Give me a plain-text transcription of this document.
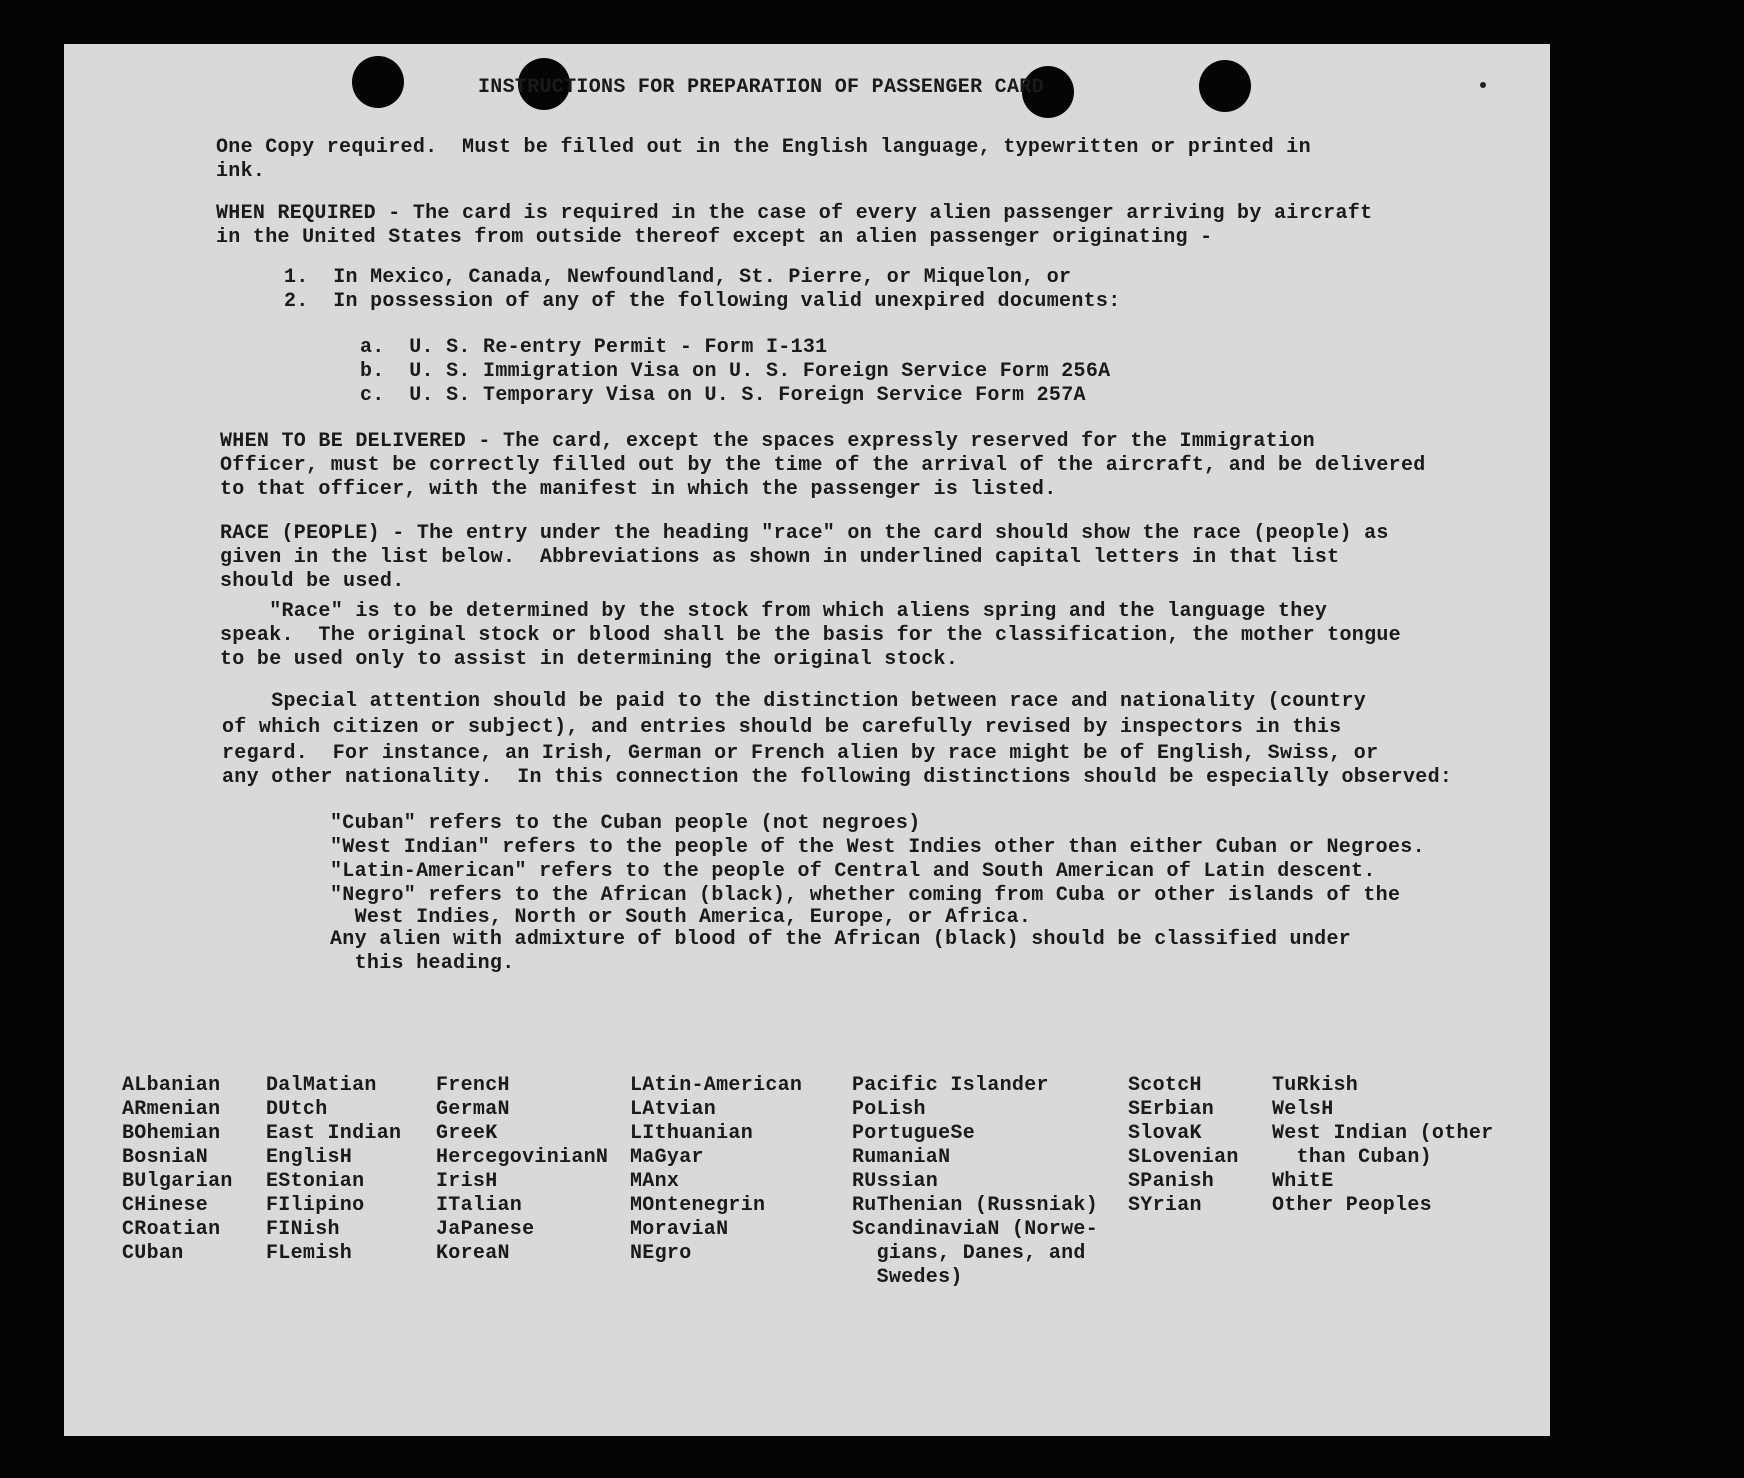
INSTRUCTIONS FOR PREPARATION OF PASSENGER CARD
One Copy required.  Must be filled out in the English language, typewritten or printed in
ink.
WHEN REQUIRED - The card is required in the case of every alien passenger arriving by aircraft
in the United States from outside thereof except an alien passenger originating -
1.  In Mexico, Canada, Newfoundland, St. Pierre, or Miquelon, or
2.  In possession of any of the following valid unexpired documents:
a.  U. S. Re-entry Permit - Form I-131
b.  U. S. Immigration Visa on U. S. Foreign Service Form 256A
c.  U. S. Temporary Visa on U. S. Foreign Service Form 257A
WHEN TO BE DELIVERED - The card, except the spaces expressly reserved for the Immigration
Officer, must be correctly filled out by the time of the arrival of the aircraft, and be delivered
to that officer, with the manifest in which the passenger is listed.
RACE (PEOPLE) - The entry under the heading "race" on the card should show the race (people) as
given in the list below.  Abbreviations as shown in underlined capital letters in that list
should be used.
"Race" is to be determined by the stock from which aliens spring and the language they
speak.  The original stock or blood shall be the basis for the classification, the mother tongue
to be used only to assist in determining the original stock.
Special attention should be paid to the distinction between race and nationality (country
of which citizen or subject), and entries should be carefully revised by inspectors in this
regard.  For instance, an Irish, German or French alien by race might be of English, Swiss, or
any other nationality.  In this connection the following distinctions should be especially observed:
"Cuban" refers to the Cuban people (not negroes)
"West Indian" refers to the people of the West Indies other than either Cuban or Negroes.
"Latin-American" refers to the people of Central and South American of Latin descent.
"Negro" refers to the African (black), whether coming from Cuba or other islands of the
West Indies, North or South America, Europe, or Africa.
Any alien with admixture of blood of the African (black) should be classified under
this heading.
ALbanian
ARmenian
BOhemian
BosniaN
BUlgarian
CHinese
CRoatian
CUban
DalMatian
DUtch
East Indian
EnglisH
EStonian
FIlipino
FINish
FLemish
FrencH
GermaN
GreeK
HercegovinianN
IrisH
ITalian
JaPanese
KoreaN
LAtin-American
LAtvian
LIthuanian
MaGyar
MAnx
MOntenegrin
MoraviaN
NEgro
Pacific Islander
PoLish
PortugueSe
RumaniaN
RUssian
RuThenian (Russniak)
ScandinaviaN (Norwe-
gians, Danes, and
Swedes)
ScotcH
SErbian
SlovaK
SLovenian
SPanish
SYrian
TuRkish
WelsH
West Indian (other
than Cuban)
WhitE
Other Peoples
